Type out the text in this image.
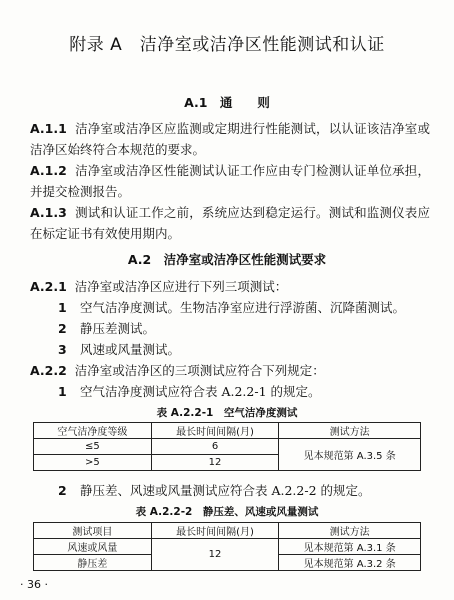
附录 A　洁净室或洁净区性能测试和认证
A.1　通　　则

A.1.1 洁净室或洁净区应监测或定期进行性能测试，以认证该洁净室或洁净区始终符合本规范的要求。

A.1.2 洁净室或洁净区性能测试认证工作应由专门检测认证单位承担，并提交检测报告。

A.1.3 测试和认证工作之前，系统应达到稳定运行。测试和监测仪表应在标定证书有效使用期内。

A.2　洁净室或洁净区性能测试要求

A.2.1 洁净室或洁净区应进行下列三项测试：

1 空气洁净度测试。生物洁净室应进行浮游菌、沉降菌测试。
2 静压差测试。
3 风速或风量测试。

A.2.2 洁净室或洁净区的三项测试应符合下列规定：

1 空气洁净度测试应符合表 A.2.2-1 的规定。
表 A.2.2-1　空气洁净度测试
空气洁净度等级	最长时间间隔(月)	测试方法
≤5	6	见本规范第 A.3.5 条
>5	12	
2 静压差、风速或风量测试应符合表 A.2.2-2 的规定。
表 A.2.2-2　静压差、风速或风量测试
测试项目	最长时间间隔(月)	测试方法
风速或风量	12	见本规范第 A.3.1 条
静压差		见本规范第 A.3.2 条
· 36 ·
